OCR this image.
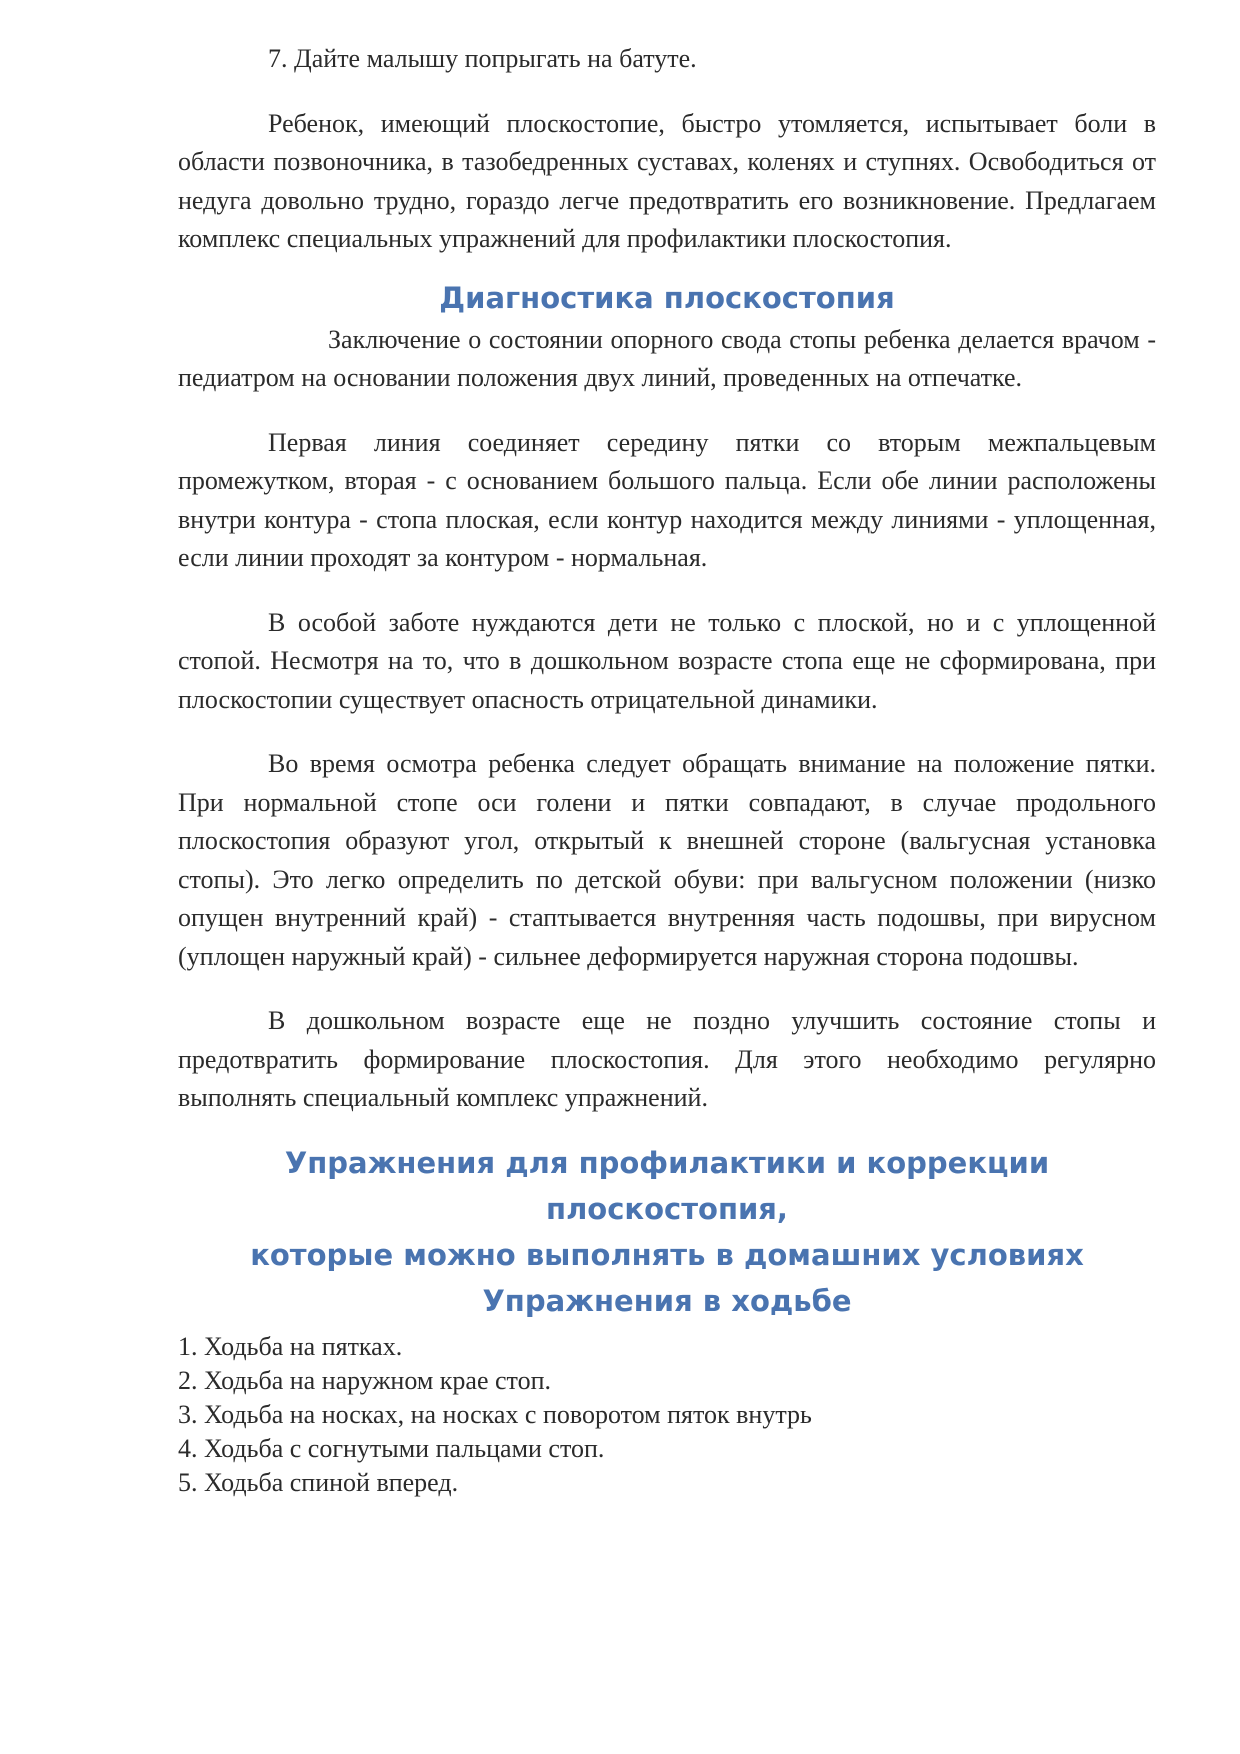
7. Дайте малышу попрыгать на батуте.

Ребенок, имеющий плоскостопие, быстро утомляется, испытывает боли в области позвоночника, в тазобедренных суставах, коленях и ступнях. Освободиться от недуга довольно трудно, гораздо легче предотвратить его возникновение. Предлагаем комплекс специальных упражнений для профилактики плоскостопия.

Диагностика плоскостопия

Заключение о состоянии опорного свода стопы ребенка делается врачом - педиатром на основании положения двух линий, проведенных на отпечатке.

Первая линия соединяет середину пятки со вторым межпальцевым промежутком, вторая - с основанием большого пальца. Если обе линии расположены внутри контура - стопа плоская, если контур находится между линиями - уплощенная, если линии проходят за контуром - нормальная.

В особой заботе нуждаются дети не только с плоской, но и с уплощенной стопой. Несмотря на то, что в дошкольном возрасте стопа еще не сформирована, при плоскостопии существует опасность отрицательной динамики.

Во время осмотра ребенка следует обращать внимание на положение пятки. При нормальной стопе оси голени и пятки совпадают, в случае продольного плоскостопия образуют угол, открытый к внешней стороне (вальгусная установка стопы). Это легко определить по детской обуви: при вальгусном положении (низко опущен внутренний край) - стаптывается внутренняя часть подошвы, при вирусном (уплощен наружный край) - сильнее деформируется наружная сторона подошвы.

В дошкольном возрасте еще не поздно улучшить состояние стопы и предотвратить формирование плоскостопия. Для этого необходимо регулярно выполнять специальный комплекс упражнений.

Упражнения для профилактики и коррекции плоскостопия,
которые можно выполнять в домашних условиях
Упражнения в ходьбе
1. Ходьба на пятках.
2. Ходьба на наружном крае стоп.
3. Ходьба на носках, на носках с поворотом пяток внутрь
4. Ходьба с согнутыми пальцами стоп.
5. Ходьба спиной вперед.
